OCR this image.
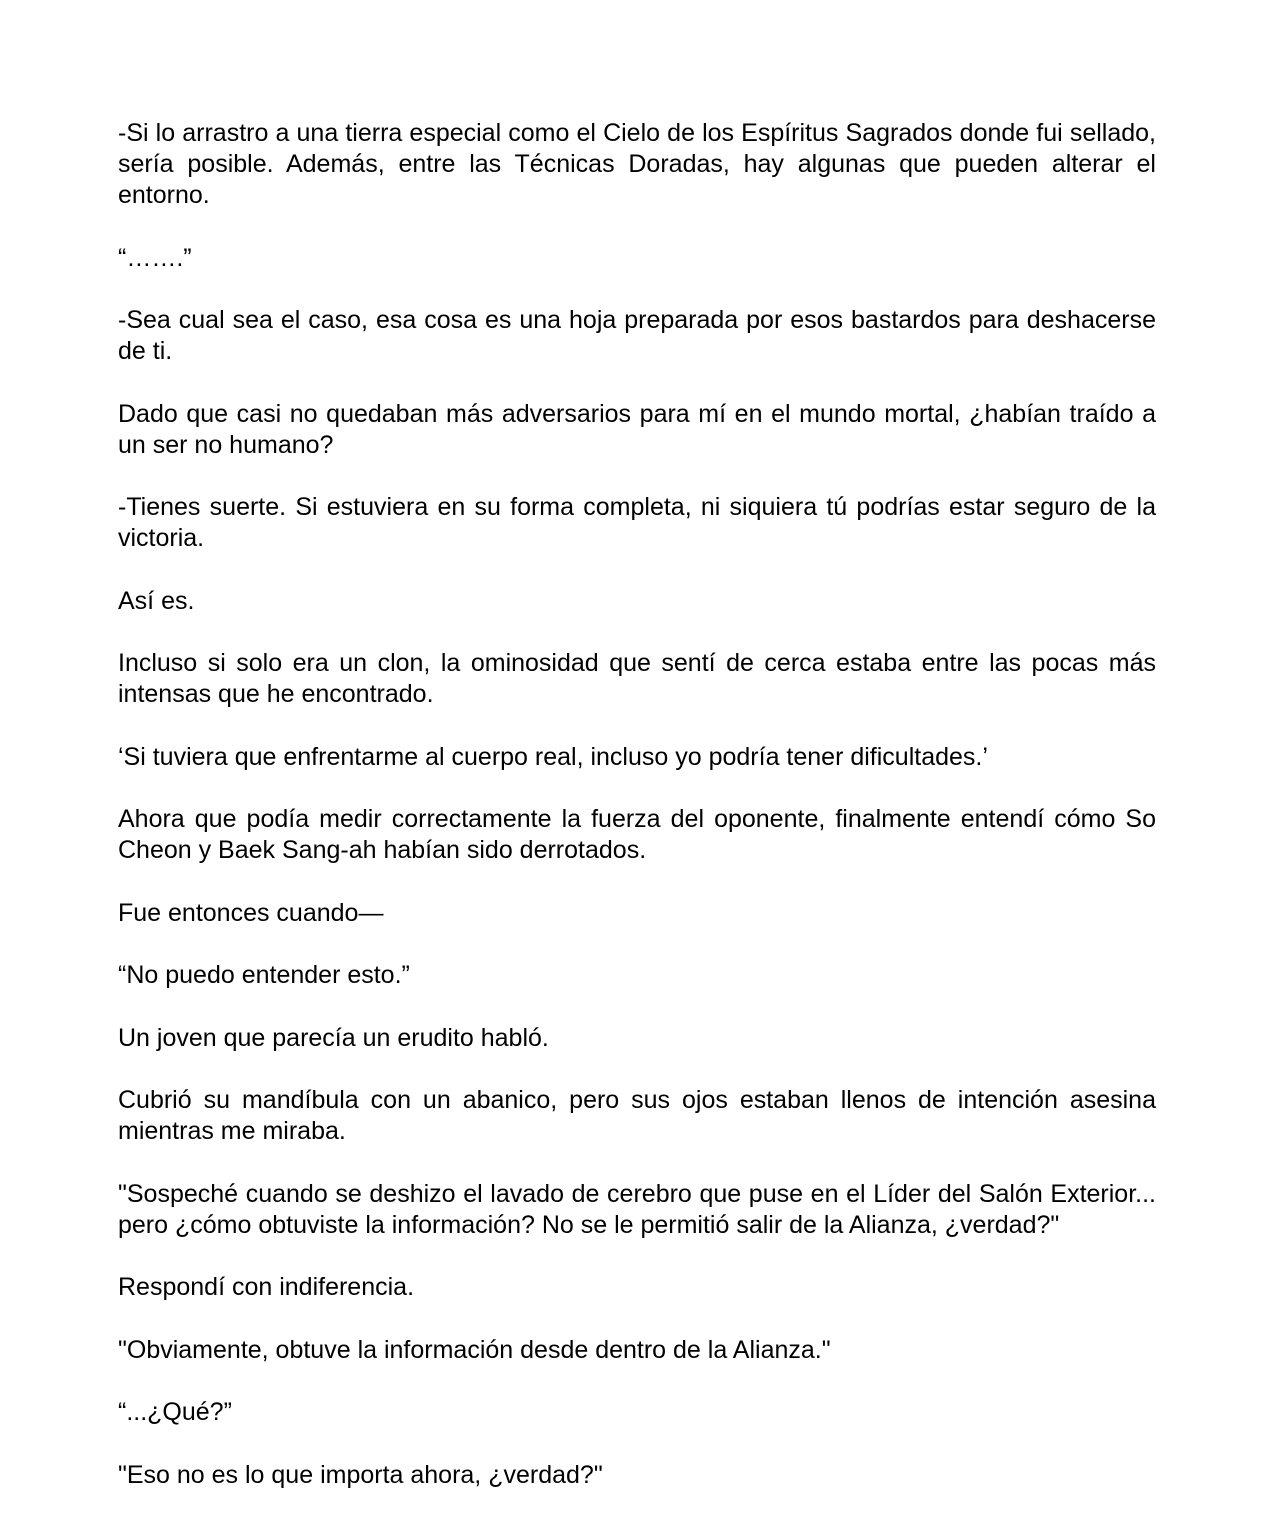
-Si lo arrastro a una tierra especial como el Cielo de los Espíritus Sagrados donde fui sellado, sería posible. Además, entre las Técnicas Doradas, hay algunas que pueden alterar el entorno.

“…….”

-Sea cual sea el caso, esa cosa es una hoja preparada por esos bastardos para deshacerse de ti.

Dado que casi no quedaban más adversarios para mí en el mundo mortal, ¿habían traído a un ser no humano?

-Tienes suerte. Si estuviera en su forma completa, ni siquiera tú podrías estar seguro de la victoria.

Así es.

Incluso si solo era un clon, la ominosidad que sentí de cerca estaba entre las pocas más intensas que he encontrado.

‘Si tuviera que enfrentarme al cuerpo real, incluso yo podría tener dificultades.’

Ahora que podía medir correctamente la fuerza del oponente, finalmente entendí cómo So Cheon y Baek Sang-ah habían sido derrotados.

Fue entonces cuando—

“No puedo entender esto.”

Un joven que parecía un erudito habló.

Cubrió su mandíbula con un abanico, pero sus ojos estaban llenos de intención asesina mientras me miraba.

"Sospeché cuando se deshizo el lavado de cerebro que puse en el Líder del Salón Exterior... pero ¿cómo obtuviste la información? No se le permitió salir de la Alianza, ¿verdad?"

Respondí con indiferencia.

"Obviamente, obtuve la información desde dentro de la Alianza."

“...¿Qué?”

"Eso no es lo que importa ahora, ¿verdad?"
